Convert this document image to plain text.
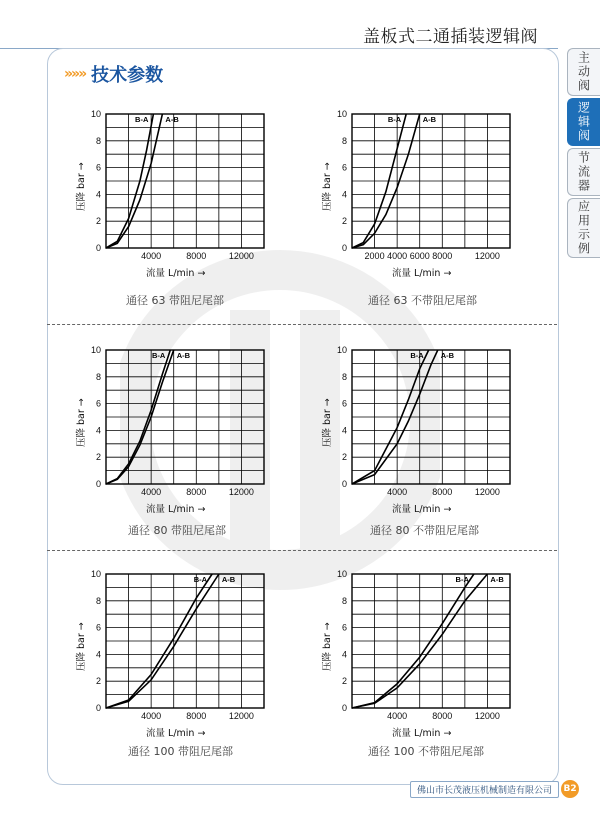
盖板式二通插装逻辑阀
»»» 技术参数	主动阀
逻辑阀
节流器
应用示例
0
2
4
6
8
10
4000	8000	12000
流量 L/min →
压降 bar →
B-A A-B
0
2
4
6
8
10
2000 4000 6000 8000	12000
流量 L/min →
压降 bar →
B-A	A-B
0
2
4
6
8
10
4000	8000	12000
流量 L/min →
压降 bar →
B-A A-B
0
2
4
6
8
10
4000	8000	12000
流量 L/min →
压降 bar →
B-A A-B
0
2
4
6
8
10
4000	8000	12000
流量 L/min →
压降 bar →
B-A A-B
0
2
4
6
8
10
4000	8000	12000
流量 L/min →
压降 bar →
B-A	A-B
通径 63 带阻尼尾部	通径 63 不带阻尼尾部
通径 80 带阻尼尾部	通径 80 不带阻尼尾部
通径 100 带阻尼尾部	通径 100 不带阻尼尾部
佛山市长茂液压机械制造有限公司	B2
